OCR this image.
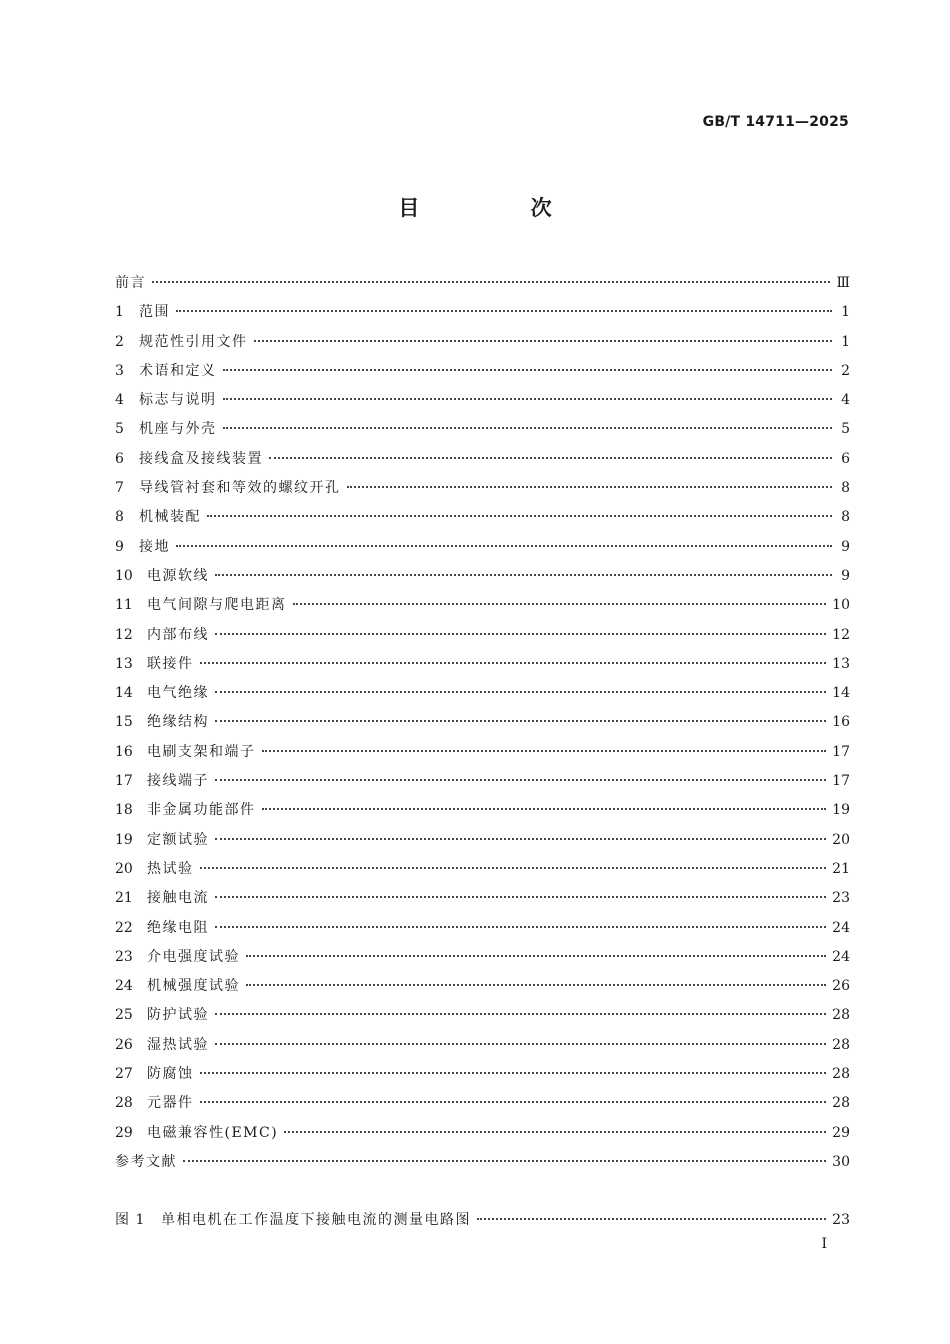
GB/T 14711—2025
目 次
前言	Ⅲ
1	范围	1
2	规范性引用文件	1
3	术语和定义	2
4	标志与说明	4
5	机座与外壳	5
6	接线盒及接线装置	6
7	导线管衬套和等效的螺纹开孔	8
8	机械装配	8
9	接地	9
10	电源软线	9
11	电气间隙与爬电距离	10
12	内部布线	12
13	联接件	13
14	电气绝缘	14
15	绝缘结构	16
16	电刷支架和端子	17
17	接线端子	17
18	非金属功能部件	19
19	定额试验	20
20	热试验	21
21	接触电流	23
22	绝缘电阻	24
23	介电强度试验	24
24	机械强度试验	26
25	防护试验	28
26	湿热试验	28
27	防腐蚀	28
28	元器件	28
29	电磁兼容性(EMC)	29
参考文献	30
图 1	单相电机在工作温度下接触电流的测量电路图	23
I
